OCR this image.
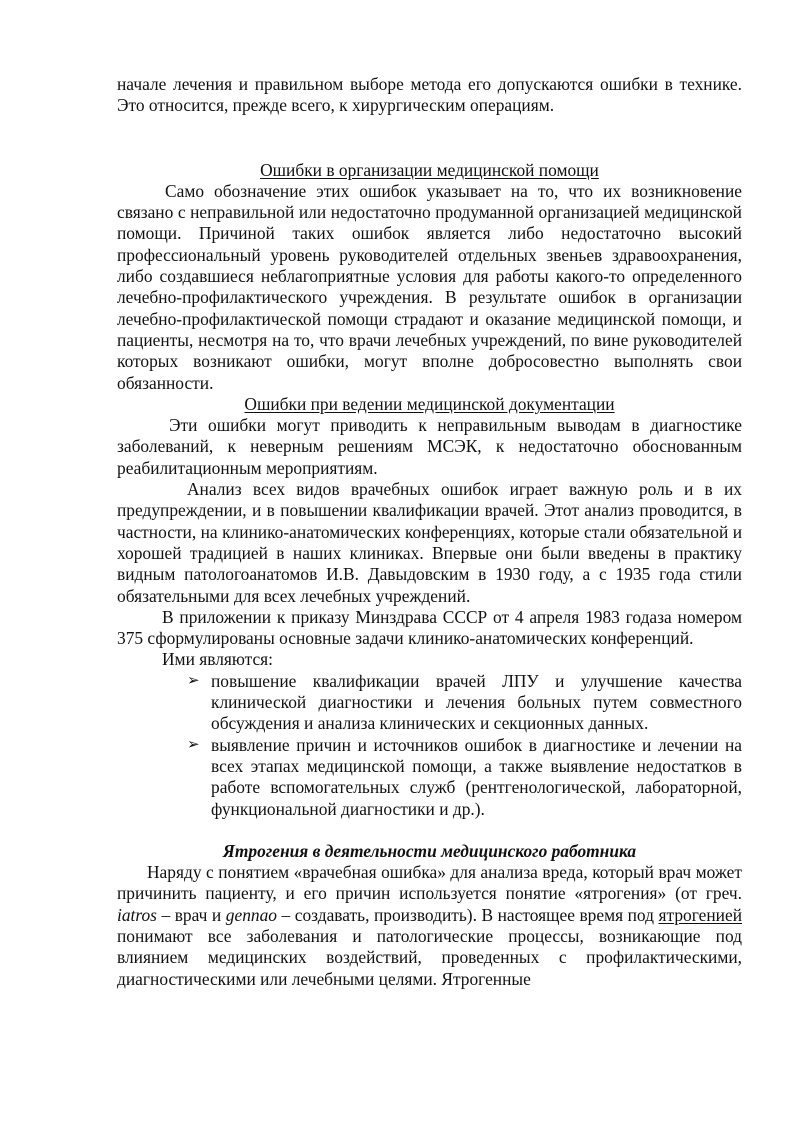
начале лечения и правильном выборе метода его допускаются ошибки в технике. Это относится, прежде всего, к хирургическим операциям.

Ошибки в организации медицинской помощи

Само обозначение этих ошибок указывает на то, что их возникновение связано с неправильной или недостаточно продуманной организацией медицинской помощи. Причиной таких ошибок является либо недостаточно высокий профессиональный уровень руководителей отдельных звеньев здравоохранения, либо создавшиеся неблагоприятные условия для работы какого-то определенного лечебно-профилактического учреждения. В результате ошибок в организации лечебно-профилактической помощи страдают и оказание медицинской помощи, и пациенты, несмотря на то, что врачи лечебных учреждений, по вине руководителей которых возникают ошибки, могут вполне добросовестно выполнять свои обязанности.

Ошибки при ведении медицинской документации

Эти ошибки могут приводить к неправильным выводам в диагностике заболеваний, к неверным решениям МСЭК, к недостаточно обоснованным реабилитационным мероприятиям.

Анализ всех видов врачебных ошибок играет важную роль и в их предупреждении, и в повышении квалификации врачей. Этот анализ проводится, в частности, на клинико-анатомических конференциях, которые стали обязательной и хорошей традицией в наших клиниках. Впервые они были введены в практику видным патологоанатомов И.В. Давыдовским в 1930 году, а с 1935 года стили обязательными для всех лечебных учреждений.

В приложении к приказу Минздрава СССР от 4 апреля 1983 годаза номером 375 сформулированы основные задачи клинико-анатомических конференций.

Ими являются:

➢ повышение квалификации врачей ЛПУ и улучшение качества клинической диагностики и лечения больных путем совместного обсуждения и анализа клинических и секционных данных.
➢ выявление причин и источников ошибок в диагностике и лечении на всех этапах медицинской помощи, а также выявление недостатков в работе вспомогательных служб (рентгенологической, лабораторной, функциональной диагностики и др.).

Ятрогения в деятельности медицинского работника

Наряду с понятием «врачебная ошибка» для анализа вреда, который врач может причинить пациенту, и его причин используется понятие «ятрогения» (от греч. iatros – врач и gennao – создавать, производить). В настоящее время под ятрогенией понимают все заболевания и патологические процессы, возникающие под влиянием медицинских воздействий, проведенных с профилактическими, диагностическими или лечебными целями. Ятрогенные
